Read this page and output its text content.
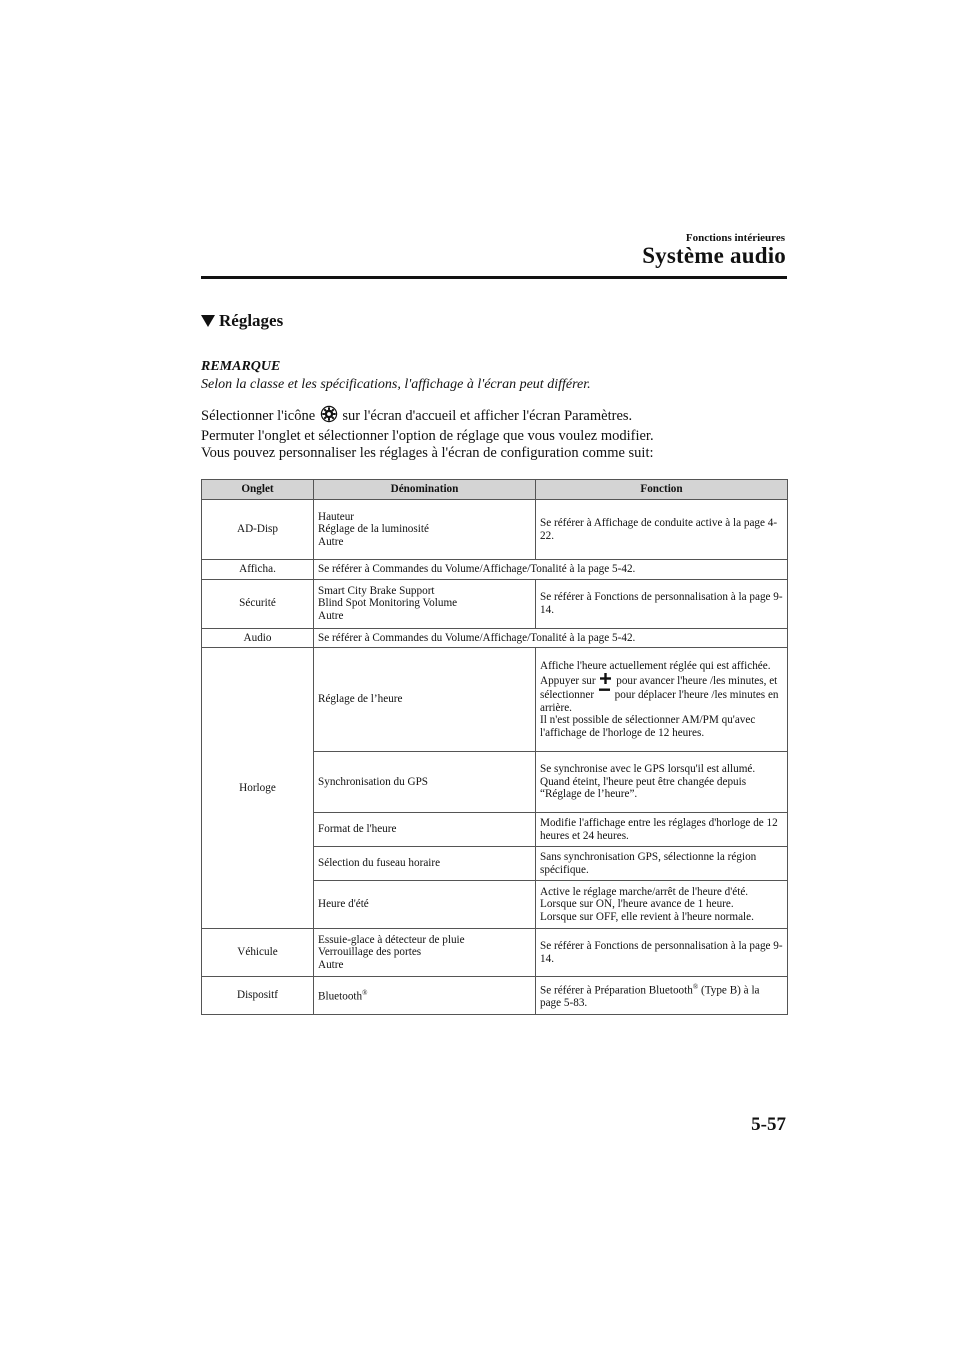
Fonctions intérieures
Système audio
Réglages
REMARQUE
Selon la classe et les spécifications, l'affichage à l'écran peut différer.
Sélectionner l'icône sur l'écran d'accueil et afficher l'écran Paramètres.
Permuter l'onglet et sélectionner l'option de réglage que vous voulez modifier.
Vous pouvez personnaliser les réglages à l'écran de configuration comme suit:
Onglet	Dénomination	Fonction
AD-Disp	Hauteur
Réglage de la luminosité
Autre	Se référer à Affichage de conduite active à la page 4-22.
Afficha.	Se référer à Commandes du Volume/Affichage/Tonalité à la page 5-42.	
Sécurité	Smart City Brake Support
Blind Spot Monitoring Volume
Autre	Se référer à Fonctions de personnalisation à la page 9-14.
Audio	Se référer à Commandes du Volume/Affichage/Tonalité à la page 5-42.	
Horloge	Réglage de l’heure	Affiche l'heure actuellement réglée qui est affichée.
Appuyer sur pour avancer l'heure /les minutes, et sélectionner pour déplacer l'heure /les minutes en arrière.
Il n'est possible de sélectionner AM/PM qu'avec l'affichage de l'horloge de 12 heures.
	Synchronisation du GPS	Se synchronise avec le GPS lorsqu'il est allumé.
Quand éteint, l'heure peut être changée depuis “Réglage de l’heure”.
	Format de l'heure	Modifie l'affichage entre les réglages d'horloge de 12 heures et 24 heures.
	Sélection du fuseau horaire	Sans synchronisation GPS, sélectionne la région spécifique.
	Heure d'été	Active le réglage marche/arrêt de l'heure d'été.
Lorsque sur ON, l'heure avance de 1 heure.
Lorsque sur OFF, elle revient à l'heure normale.
Véhicule	Essuie-glace à détecteur de pluie
Verrouillage des portes
Autre	Se référer à Fonctions de personnalisation à la page 9-14.
Dispositf	Bluetooth®	Se référer à Préparation Bluetooth® (Type B) à la page 5-83.
5-57
